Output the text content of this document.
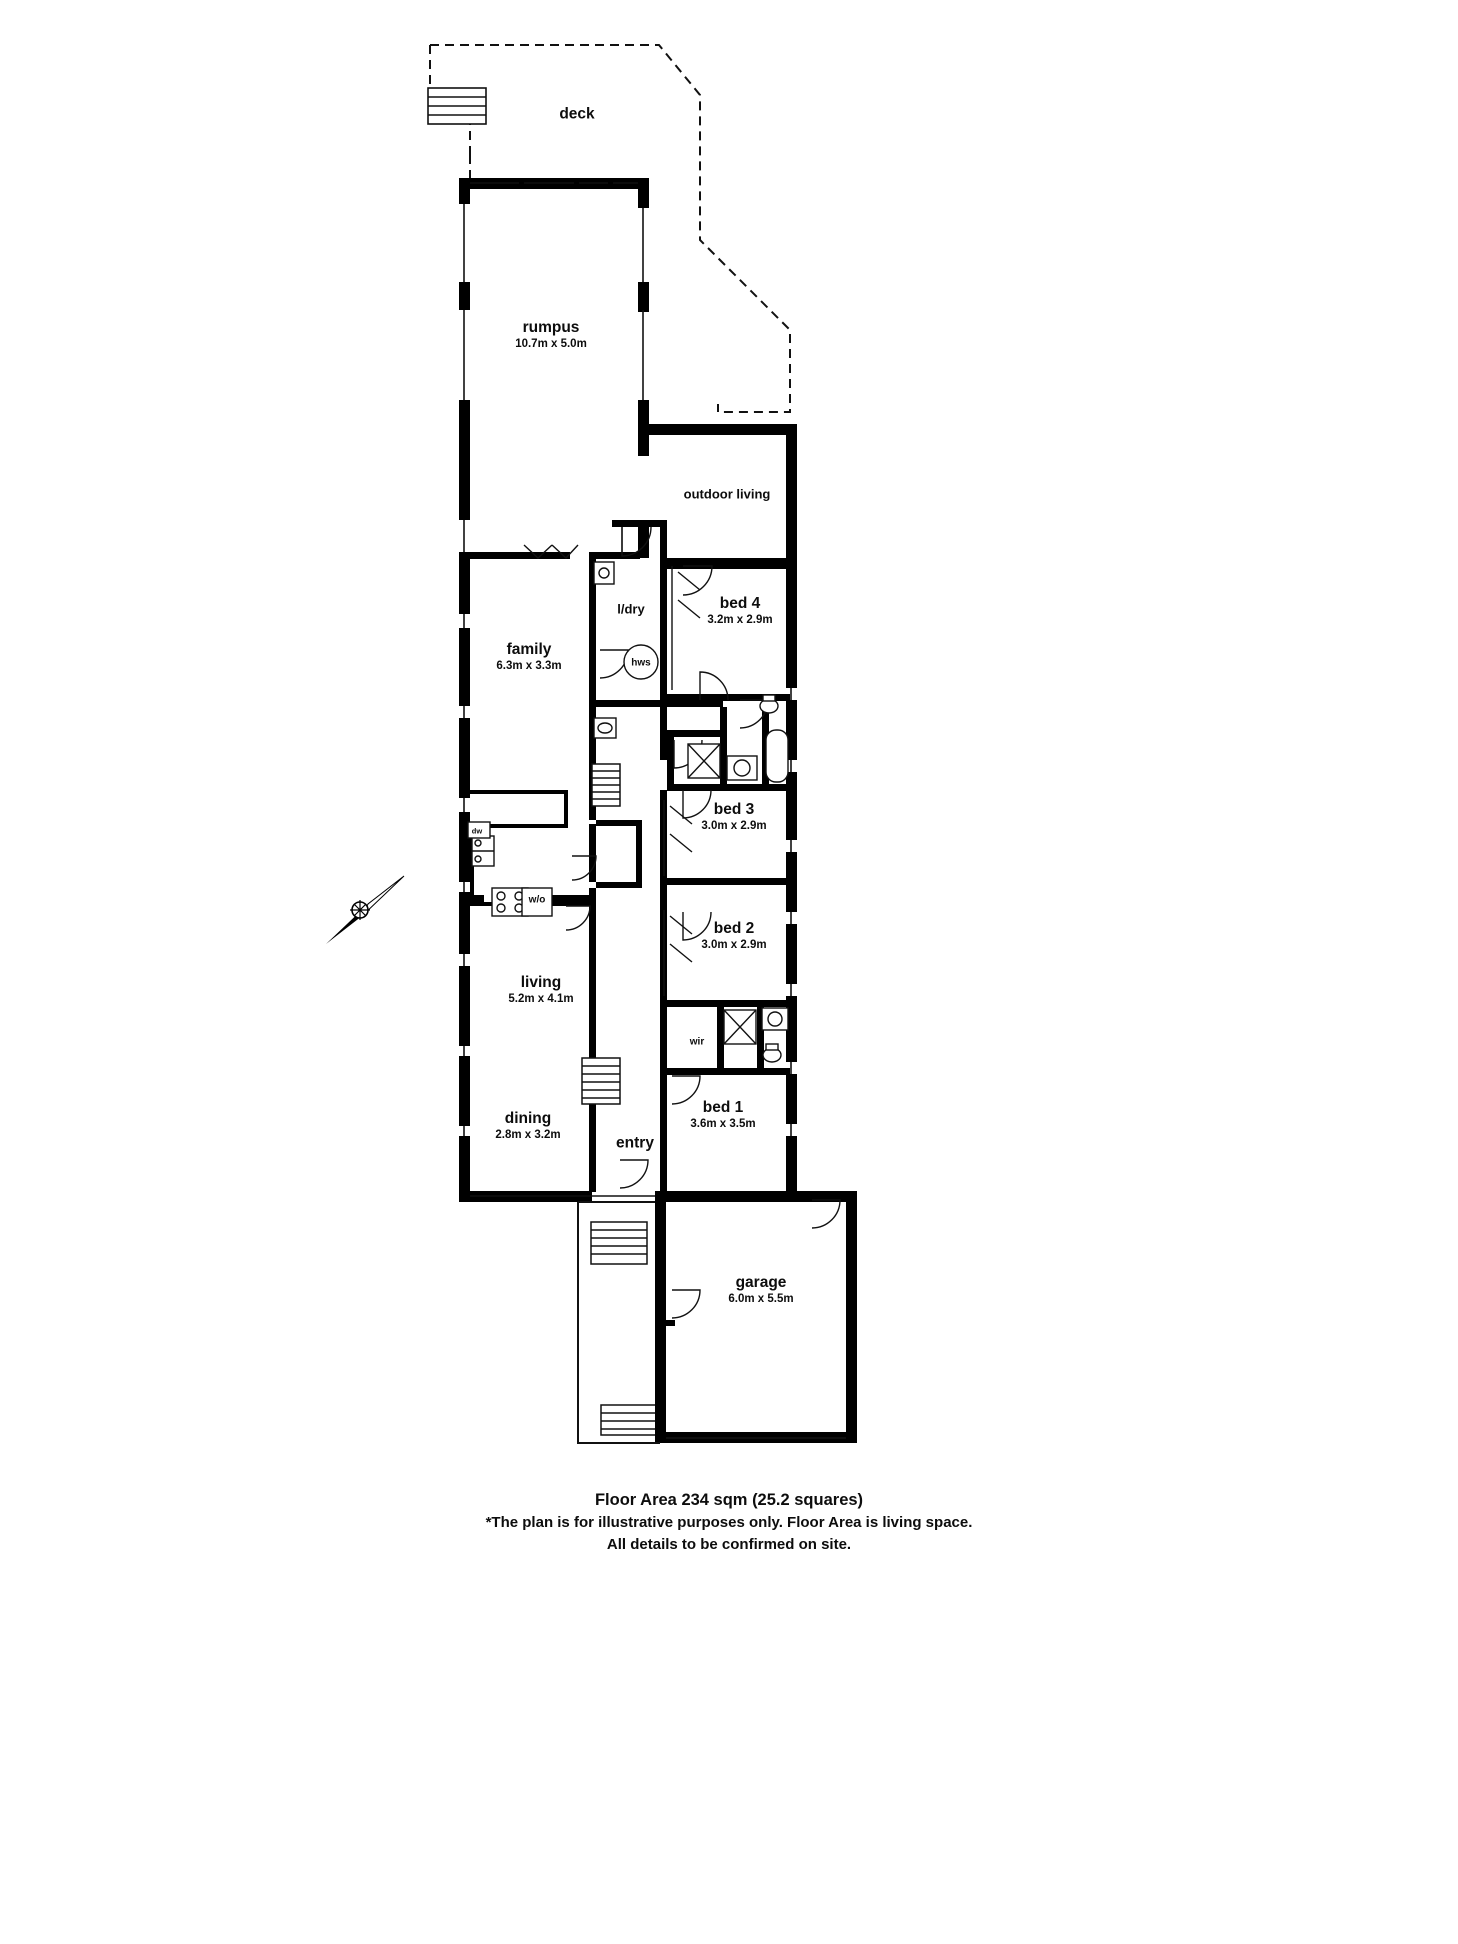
deck
rumpus
10.7m x 5.0m
outdoor living
l/dry	bed 4
3.2m x 2.9m
family
6.3m x 3.3m	hws
bed 3
3.0m x 2.9m
dw
w/o
bed 2
3.0m x 2.9m
living
5.2m x 4.1m
wir
bed 1
3.6m x 3.5m
dining
2.8m x 3.2m	entry
garage
6.0m x 5.5m
Floor Area 234 sqm (25.2 squares)
*The plan is for illustrative purposes only. Floor Area is living space.
All details to be confirmed on site.
